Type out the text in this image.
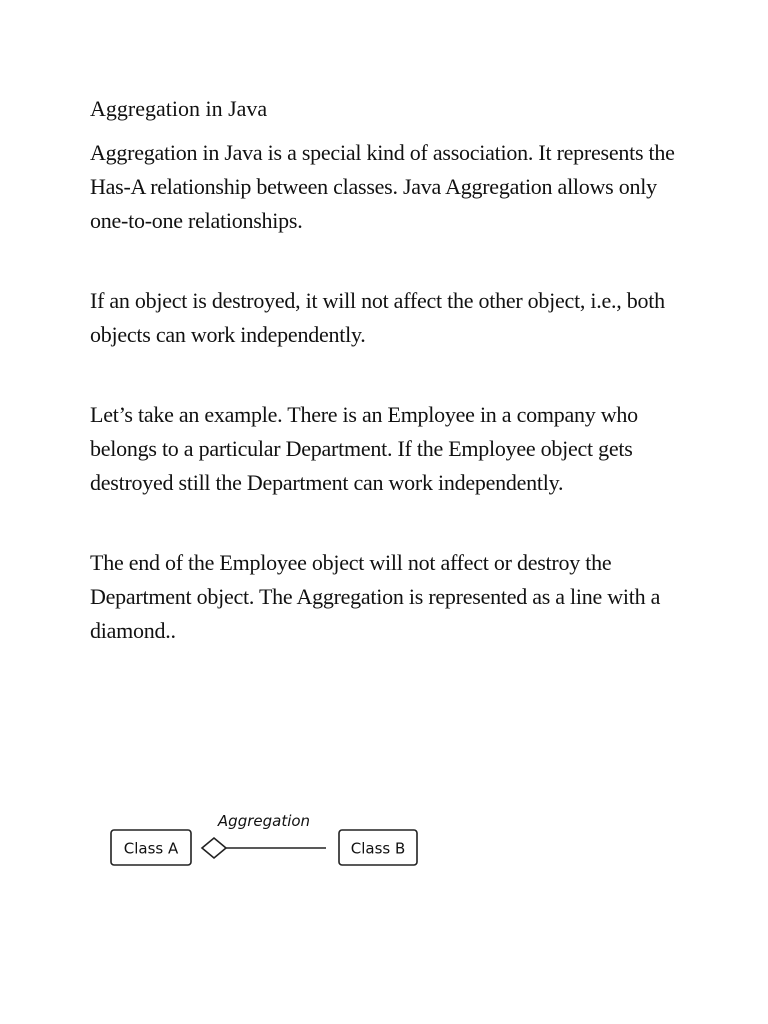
Aggregation in Java

Aggregation in Java is a special kind of association. It represents the Has-A relationship between classes. Java Aggregation allows only one-to-one relationships.

If an object is destroyed, it will not affect the other object, i.e., both objects can work independently.

Let’s take an example. There is an Employee in a company who belongs to a particular Department. If the Employee object gets destroyed still the Department can work independently.

The end of the Employee object will not affect or destroy the Department object. The Aggregation is represented as a line with a diamond..

Class A
Aggregation
Class B
